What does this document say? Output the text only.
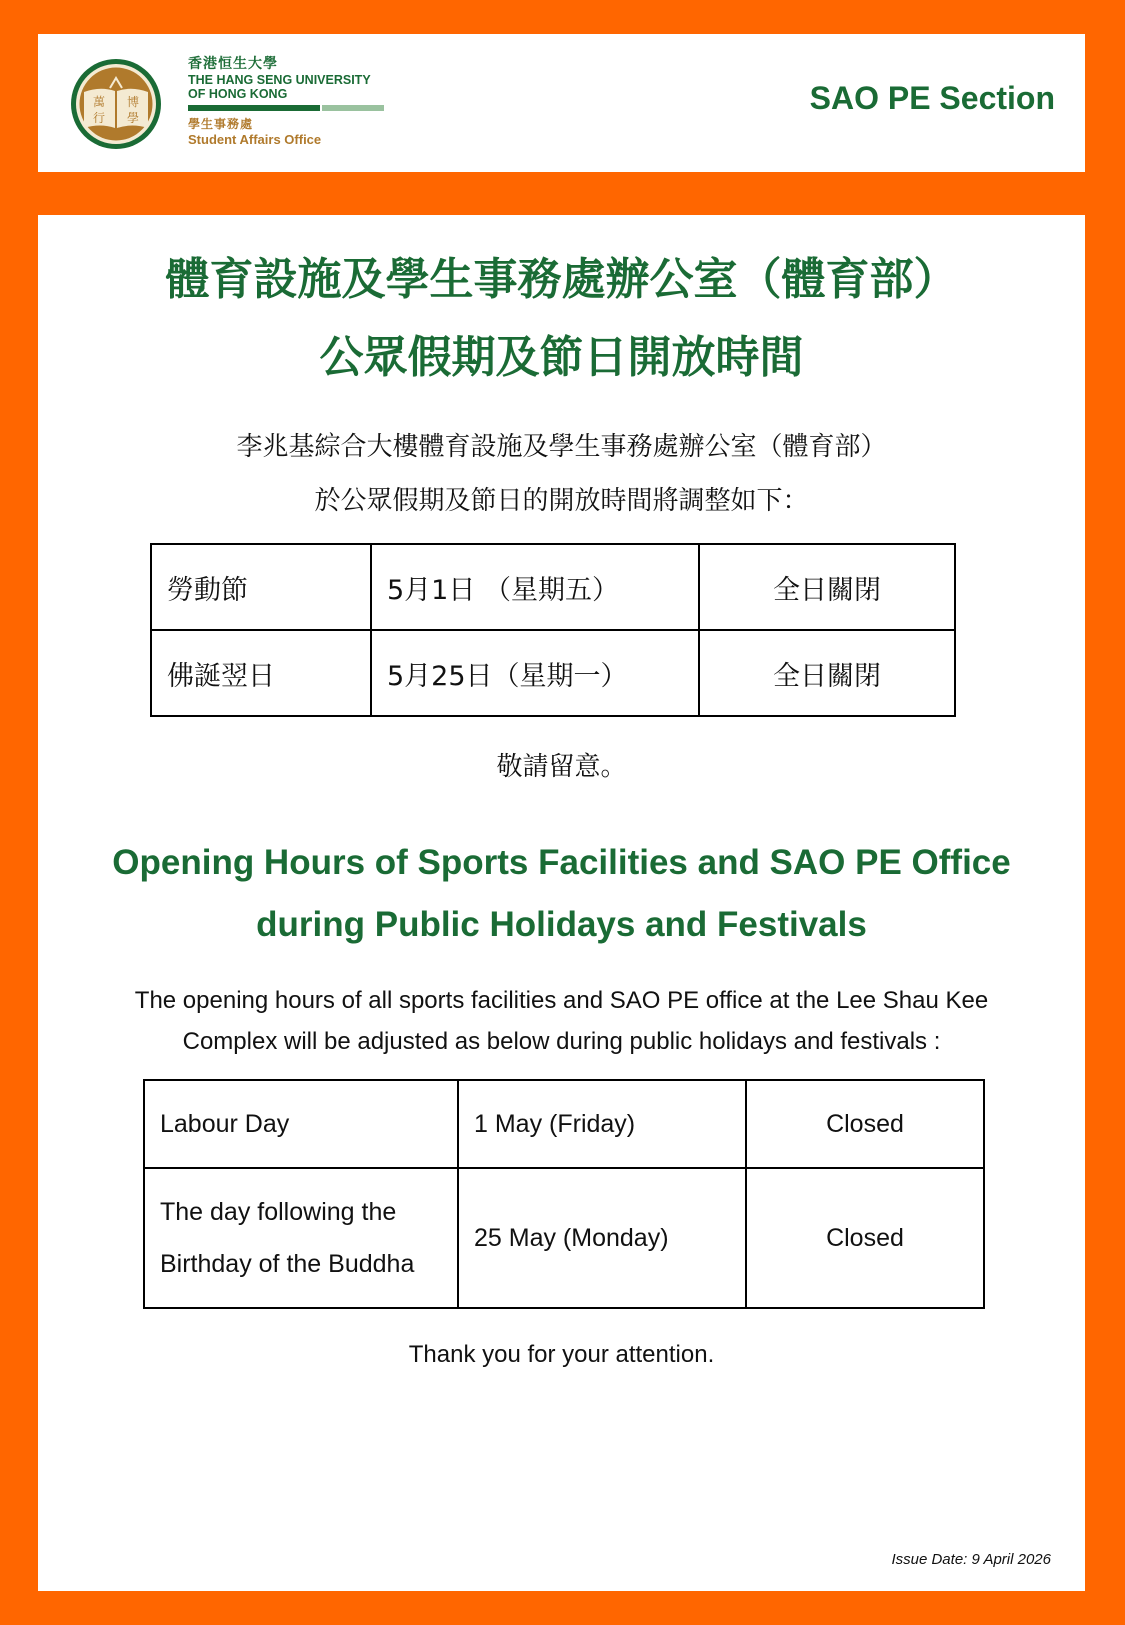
萬 博
行 學
香港恒生大學
THE HANG SENG UNIVERSITY
OF HONG KONG
學生事務處
Student Affairs Office
SAO PE Section
體育設施及學生事務處辦公室（體育部）
公眾假期及節日開放時間
李兆基綜合大樓體育設施及學生事務處辦公室（體育部）
於公眾假期及節日的開放時間將調整如下：
勞動節	5月1日 （星期五）	全日關閉
佛誕翌日	5月25日（星期一）	全日關閉
敬請留意。
Opening Hours of Sports Facilities and SAO PE Office
during Public Holidays and Festivals
The opening hours of all sports facilities and SAO PE office at the Lee Shau Kee
Complex will be adjusted as below during public holidays and festivals :
Labour Day	1 May (Friday)	Closed

The day following the
Birthday of the Buddha	25 May (Monday)	Closed
Thank you for your attention.
Issue Date: 9 April 2026
